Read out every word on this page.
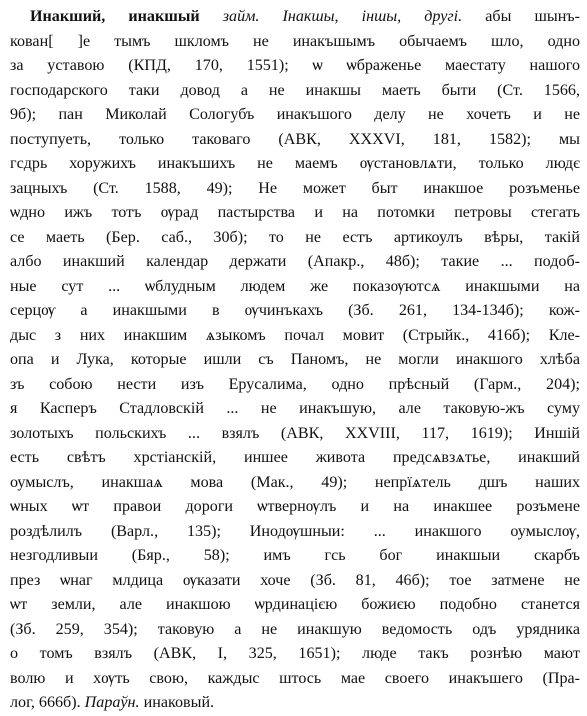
Инакший, инакшый займ. Інакшы, іншы, другі. абы шынъ-
кован[ ]е тымъ шкломъ не инакъшымъ обычаемъ шло, одно
за уставою (КПД, 170, 1551); ѡ ѡбраженье маестату нашого
господарского таки довод а не инакшы маеть быти (Ст. 1566,
9б); пан Миколай Сологубъ инакъшого делу не хочеть и не
поступуеть, только таковаго (АВК, XXXVI, 181, 1582); мы
гсдрь хоружихъ инакъшихъ не маемъ ѹстановлѧти, только людє
зацныхъ (Ст. 1588, 49); Не может быт инакшое розъменье
ѡдно ижъ тотъ ѹрад пастырства и на потомки петровы стегать
се маеть (Бер. саб., 30б); то не естъ артикоулъ вѣры, такій
албо инакший календар держати (Апакр., 48б); такие ... подоб-
ные сут ... ѡблудным людем же показѹютсѧ инакшыми на
серцѹ а инакшыми в ѹчинъкахъ (Зб. 261, 134-134б); кож-
дыс з них инакшим ѧзыкомъ почал мовит (Стрыйк., 416б); Кле-
опа и Лука, которые ишли съ Паномъ, не могли инакшого хлѣба
зъ собою нести изъ Ерусалима, одно прѣсный (Гарм., 204);
я Касперъ Стадловскій ... не инакъшую, але таковую-жъ суму
золотыхъ польскихъ ... взялъ (АВК, XXVIII, 117, 1619); Иншій
есть свѣтъ хрстіанскій, иншее живота предсѧвзѧтье, инакший
оумыслъ, инакшаѧ мова (Мак., 49); непрїѧтель дшъ наших
ѡных ѡт правои дороги ѡтвернѹлъ и на инакшее розъмене
роздѣлилъ (Варл., 135); Инодѹшныи: ... инакшого оумыслѹ,
незгодливыи (Бяр., 58); имъ гсь бог инакшыи скарбъ
през ѡнаг млдица ѹказати хоче (Зб. 81, 46б); тое затмене не
ѡт земли, але инакшою ѡрдинацією божиєю подобно станется
(Зб. 259, 354); таковую а не инакшую ведомость одъ урядника
о томъ взялъ (АВК, I, 325, 1651); люде такъ рознѣю маюᴛ
волю и хѹть свою, каждыс штось мае своего инакъшего (Пра-
лог, 666б). Параўн. инаковый.
